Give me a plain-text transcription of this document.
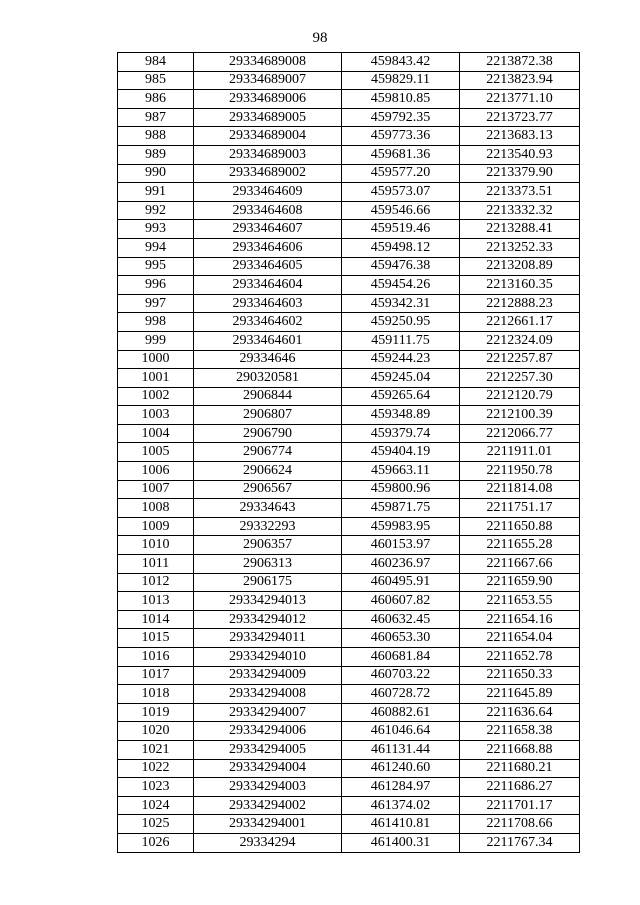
98
984	29334689008	459843.42	2213872.38
985	29334689007	459829.11	2213823.94
986	29334689006	459810.85	2213771.10
987	29334689005	459792.35	2213723.77
988	29334689004	459773.36	2213683.13
989	29334689003	459681.36	2213540.93
990	29334689002	459577.20	2213379.90
991	2933464609	459573.07	2213373.51
992	2933464608	459546.66	2213332.32
993	2933464607	459519.46	2213288.41
994	2933464606	459498.12	2213252.33
995	2933464605	459476.38	2213208.89
996	2933464604	459454.26	2213160.35
997	2933464603	459342.31	2212888.23
998	2933464602	459250.95	2212661.17
999	2933464601	459111.75	2212324.09
1000	29334646	459244.23	2212257.87
1001	290320581	459245.04	2212257.30
1002	2906844	459265.64	2212120.79
1003	2906807	459348.89	2212100.39
1004	2906790	459379.74	2212066.77
1005	2906774	459404.19	2211911.01
1006	2906624	459663.11	2211950.78
1007	2906567	459800.96	2211814.08
1008	29334643	459871.75	2211751.17
1009	29332293	459983.95	2211650.88
1010	2906357	460153.97	2211655.28
1011	2906313	460236.97	2211667.66
1012	2906175	460495.91	2211659.90
1013	29334294013	460607.82	2211653.55
1014	29334294012	460632.45	2211654.16
1015	29334294011	460653.30	2211654.04
1016	29334294010	460681.84	2211652.78
1017	29334294009	460703.22	2211650.33
1018	29334294008	460728.72	2211645.89
1019	29334294007	460882.61	2211636.64
1020	29334294006	461046.64	2211658.38
1021	29334294005	461131.44	2211668.88
1022	29334294004	461240.60	2211680.21
1023	29334294003	461284.97	2211686.27
1024	29334294002	461374.02	2211701.17
1025	29334294001	461410.81	2211708.66
1026	29334294	461400.31	2211767.34
